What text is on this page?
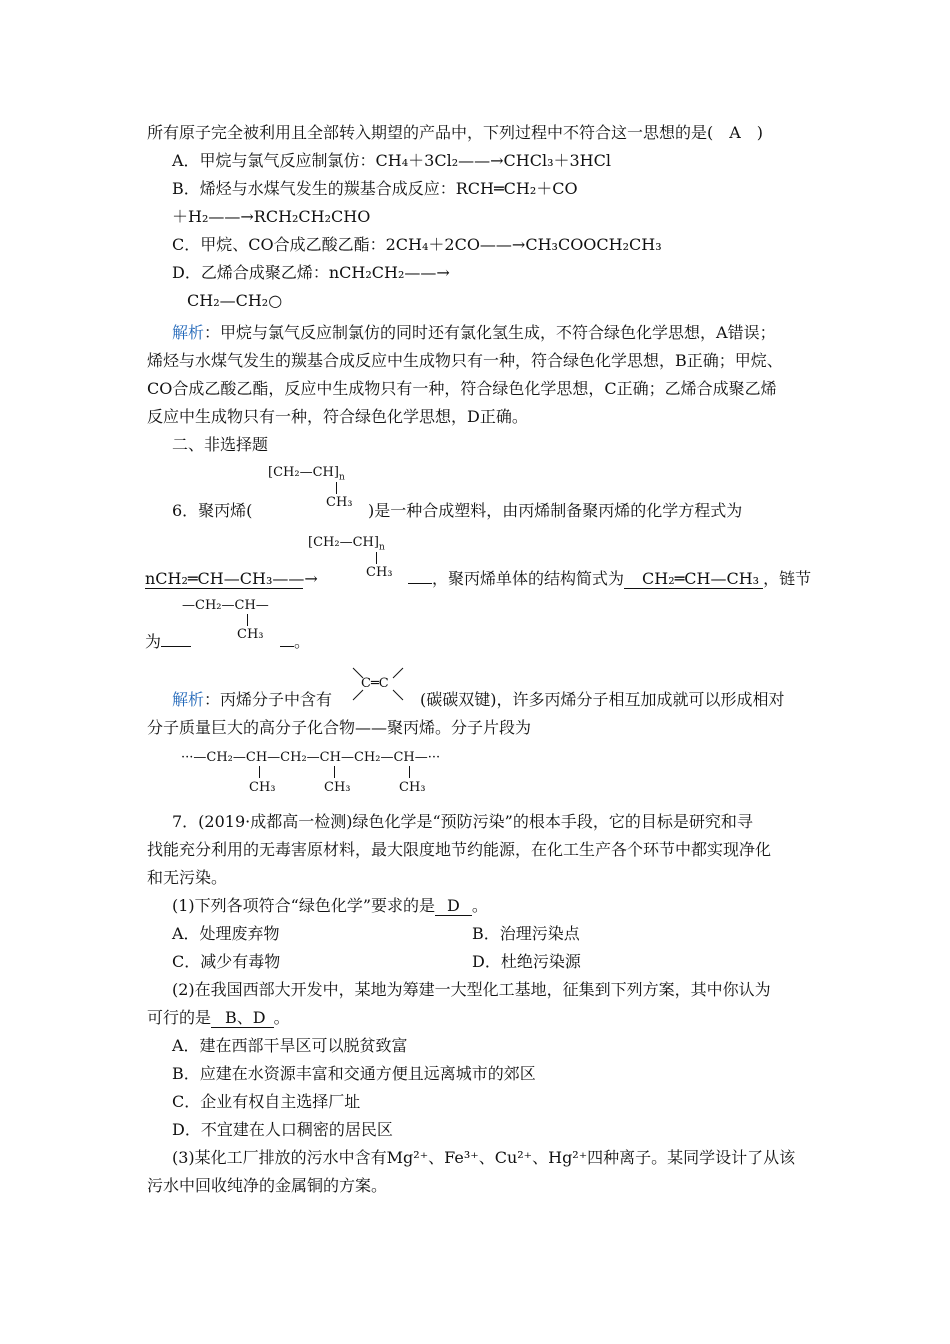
所有原子完全被利用且全部转入期望的产品中，下列过程中不符合这一思想的是(　A　)
A．甲烷与氯气反应制氯仿：CH₄＋3Cl₂——→CHCl₃＋3HCl
B．烯烃与水煤气发生的羰基合成反应：RCH═CH₂＋CO
＋H₂——→RCH₂CH₂CHO
C．甲烷、CO合成乙酸乙酯：2CH₄＋2CO——→CH₃COOCH₂CH₃
D．乙烯合成聚乙烯：nCH₂CH₂——→
CH₂—CH₂○
解析：甲烷与氯气反应制氯仿的同时还有氯化氢生成，不符合绿色化学思想，A错误；
烯烃与水煤气发生的羰基合成反应中生成物只有一种，符合绿色化学思想，B正确；甲烷、
CO合成乙酸乙酯，反应中生成物只有一种，符合绿色化学思想，C正确；乙烯合成聚乙烯
反应中生成物只有一种，符合绿色化学思想，D正确。
二、非选择题
$[CH_2—CH]_n$
CH₃
6．聚丙烯(	)是一种合成塑料，由丙烯制备聚丙烯的化学方程式为
$[CH_2—CH]_n$
CH₃
nCH₂═CH—CH₃——→	，聚丙烯单体的结构简式为 CH₂═CH—CH₃ ，链节
—CH₂—CH—
CH₃
为	。
C═C
解析：丙烯分子中含有	(碳碳双键)，许多丙烯分子相互加成就可以形成相对
分子质量巨大的高分子化合物——聚丙烯。分子片段为
···—CH₂—CH—CH₂—CH—CH₂—CH—···
CH₃	CH₃	CH₃
7．(2019·成都高一检测)绿色化学是“预防污染”的根本手段，它的目标是研究和寻
找能充分利用的无毒害原材料，最大限度地节约能源，在化工生产各个环节中都实现净化
和无污染。
(1)下列各项符合“绿色化学”要求的是 D 。
A．处理废弃物	B．治理污染点
C．减少有毒物	D．杜绝污染源
(2)在我国西部大开发中，某地为筹建一大型化工基地，征集到下列方案，其中你认为
可行的是 B、D 。
A．建在西部干旱区可以脱贫致富
B．应建在水资源丰富和交通方便且远离城市的郊区
C．企业有权自主选择厂址
D．不宜建在人口稠密的居民区
(3)某化工厂排放的污水中含有Mg²⁺、Fe³⁺、Cu²⁺、Hg²⁺四种离子。某同学设计了从该
污水中回收纯净的金属铜的方案。
